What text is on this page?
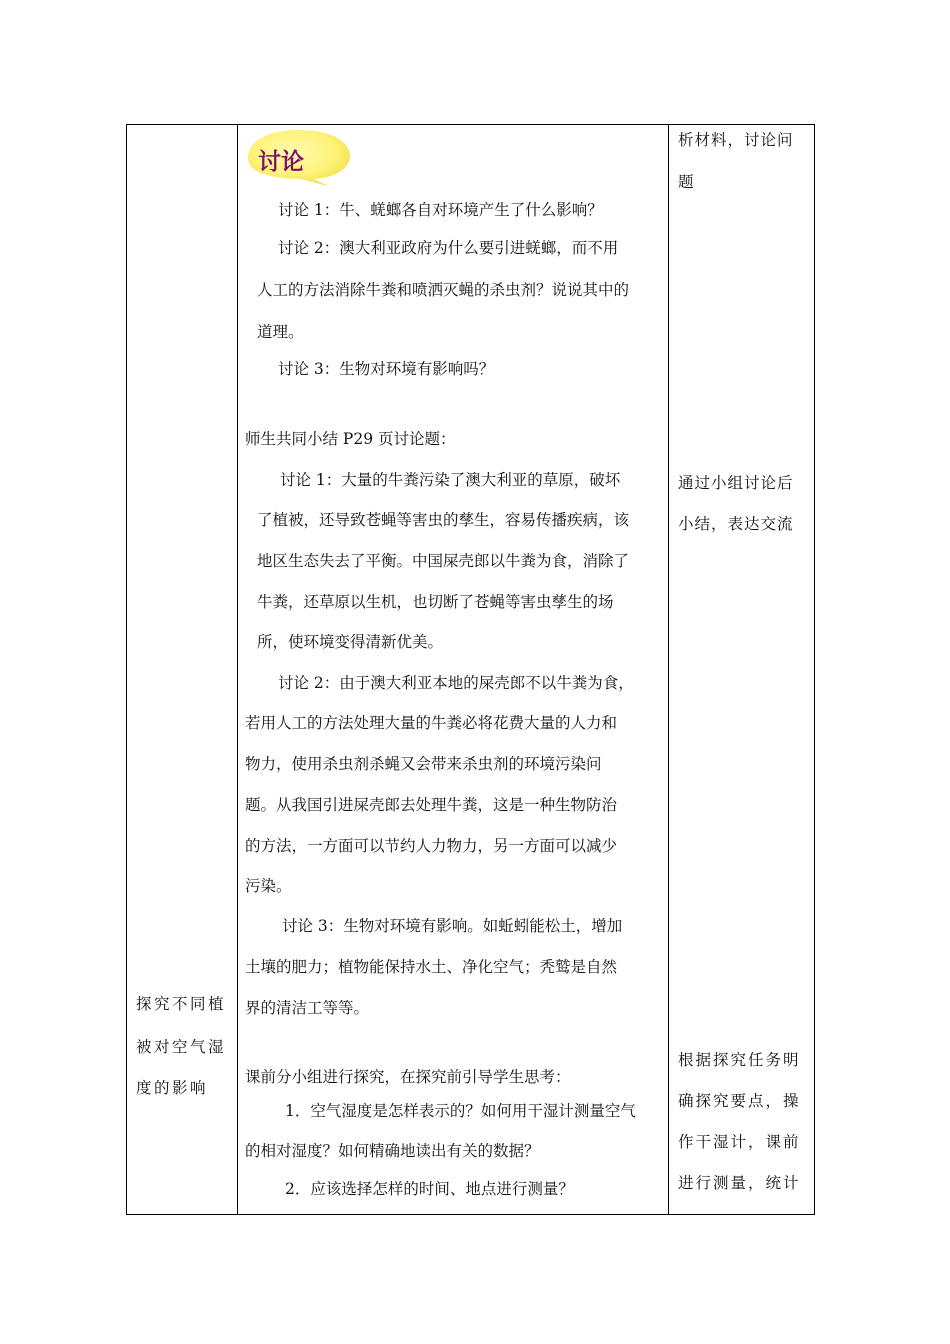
探究不同植
被对空气湿
度的影响
讨论
讨论 1：牛、蜣螂各自对环境产生了什么影响？
讨论 2：澳大利亚政府为什么要引进蜣螂，而不用
人工的方法消除牛粪和喷洒灭蝇的杀虫剂？说说其中的
道理。
讨论 3：生物对环境有影响吗？
师生共同小结 P29 页讨论题：
讨论 1：大量的牛粪污染了澳大利亚的草原，破坏
了植被，还导致苍蝇等害虫的孳生，容易传播疾病，该
地区生态失去了平衡。中国屎壳郎以牛粪为食，消除了
牛粪，还草原以生机，也切断了苍蝇等害虫孳生的场
所，使环境变得清新优美。
讨论 2：由于澳大利亚本地的屎壳郎不以牛粪为食，
若用人工的方法处理大量的牛粪必将花费大量的人力和
物力，使用杀虫剂杀蝇又会带来杀虫剂的环境污染问
题。从我国引进屎壳郎去处理牛粪，这是一种生物防治
的方法，一方面可以节约人力物力，另一方面可以减少
污染。
讨论 3：生物对环境有影响。如蚯蚓能松土，增加
土壤的肥力；植物能保持水土、净化空气；秃鹫是自然
界的清洁工等等。
课前分小组进行探究，在探究前引导学生思考：
1．空气湿度是怎样表示的？如何用干湿计测量空气
的相对湿度？如何精确地读出有关的数据？
2．应该选择怎样的时间、地点进行测量？
析材料，讨论问
题
通过小组讨论后
小结，表达交流
根据探究任务明
确探究要点，操
作干湿计，课前
进行测量，统计
